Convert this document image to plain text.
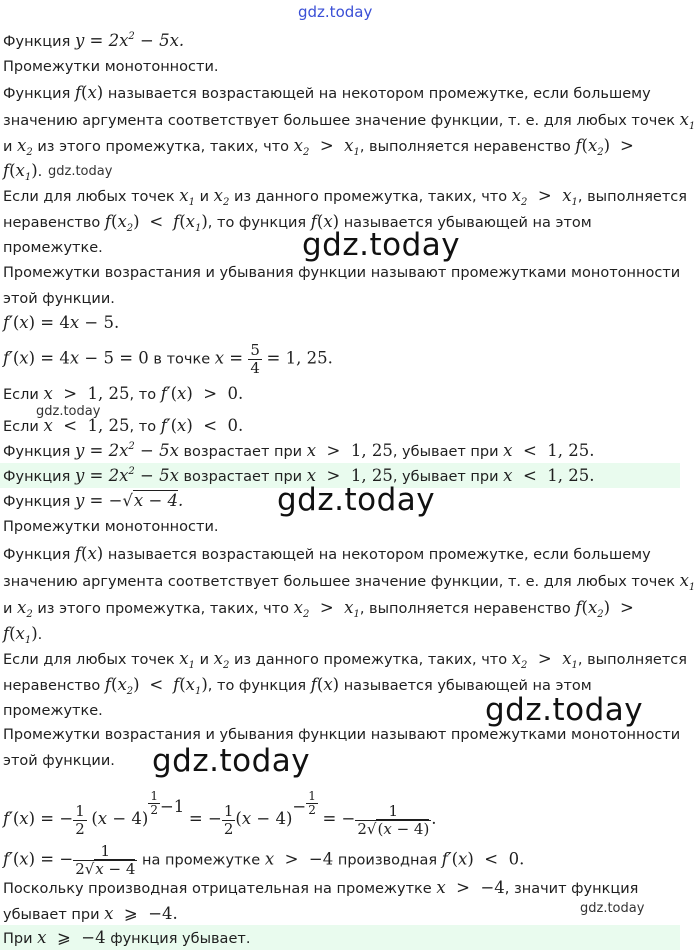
gdz.today
Функция $y = 2x^2 - 5x$.
Промежутки монотонности.
Функция f(x) называется возрастающей на некотором промежутке, если большему
значению аргумента соответствует большее значение функции, т. е. для любых точек $x_1$
и $x_2$ из этого промежутка, таких, что $x_2 > x_1$, выполняется неравенство $f(x_2)$  >
$f(x_1)$. gdz.today
Если для любых точек $x_1$ и $x_2$ из данного промежутка, таких, что $x_2 > x_1$, выполняется
неравенство $f(x_2) < f(x_1)$, то функция f(x) называется убывающей на этом
промежутке.	gdz.today
Промежутки возрастания и убывания функции называют промежутками монотонности
этой функции.
f′(x) = 4x − 5.
f′(x) = 4x − 5 = 0 в точке $x = \frac{5}{4} = 1$, 25.
Если x  >  1, 25, то f′(x)  >  0.
gdz.today
Если x  <  1, 25, то f′(x)  <  0.
Функция $y = 2x^2 - 5x$ возрастает при x  >  1, 25, убывает при x  <  1, 25.
Функция $y = 2x^2 - 5x$ возрастает при x  >  1, 25, убывает при x  <  1, 25.
Функция y = −√x − 4.	gdz.today
Промежутки монотонности.
Функция f(x) называется возрастающей на некотором промежутке, если большему
значению аргумента соответствует большее значение функции, т. е. для любых точек $x_1$
и $x_2$ из этого промежутка, таких, что $x_2 > x_1$, выполняется неравенство $f(x_2)$  >
$f(x_1)$.
Если для любых точек $x_1$ и $x_2$ из данного промежутка, таких, что $x_2 > x_1$, выполняется
неравенство $f(x_2) < f(x_1)$, то функция f(x) называется убывающей на этом
промежутке.	gdz.today
Промежутки возрастания и убывания функции называют промежутками монотонности
этой функции. gdz.today
f′(x) = − $\frac{1}{2} (x - 4)$
$\frac{1}{2} ^{-1}$ = − $\frac{1}{2} (x - 4)^- \frac{1}{2}$
= − $\frac{1}{2√(x - 4)}$ .
f′(x) = − $\frac{1}{2√x - 4}$ на промежутке x  >  −4 производная f′(x)  <  0.
Поскольку производная отрицательная на промежутке x  >  −4, значит функция
убывает при x  ⩾  −4.	gdz.today
При x  ⩾  −4 функция убывает.
